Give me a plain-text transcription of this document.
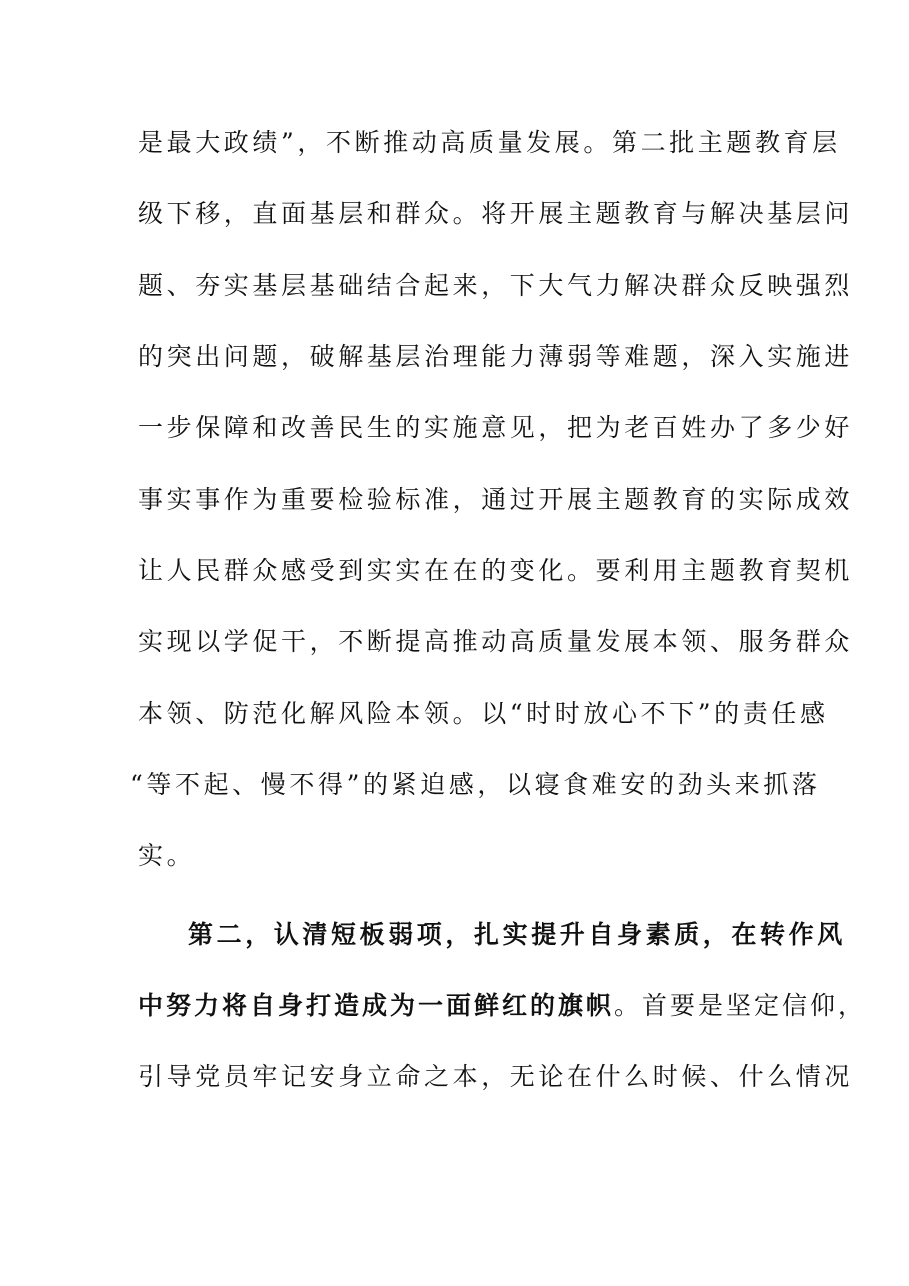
是最大政绩”，不断推动高质量发展。第二批主题教育层
级下移，直面基层和群众。将开展主题教育与解决基层问
题、夯实基层基础结合起来，下大气力解决群众反映强烈
的突出问题，破解基层治理能力薄弱等难题，深入实施进
一步保障和改善民生的实施意见，把为老百姓办了多少好
事实事作为重要检验标准，通过开展主题教育的实际成效
让人民群众感受到实实在在的变化。要利用主题教育契机
实现以学促干，不断提高推动高质量发展本领、服务群众
本领、防范化解风险本领。以“时时放心不下”的责任感
“等不起、慢不得”的紧迫感，以寝食难安的劲头来抓落
实。
第二，认清短板弱项，扎实提升自身素质，在转作风
中努力将自身打造成为一面鲜红的旗帜。首要是坚定信仰，
引导党员牢记安身立命之本，无论在什么时候、什么情况
